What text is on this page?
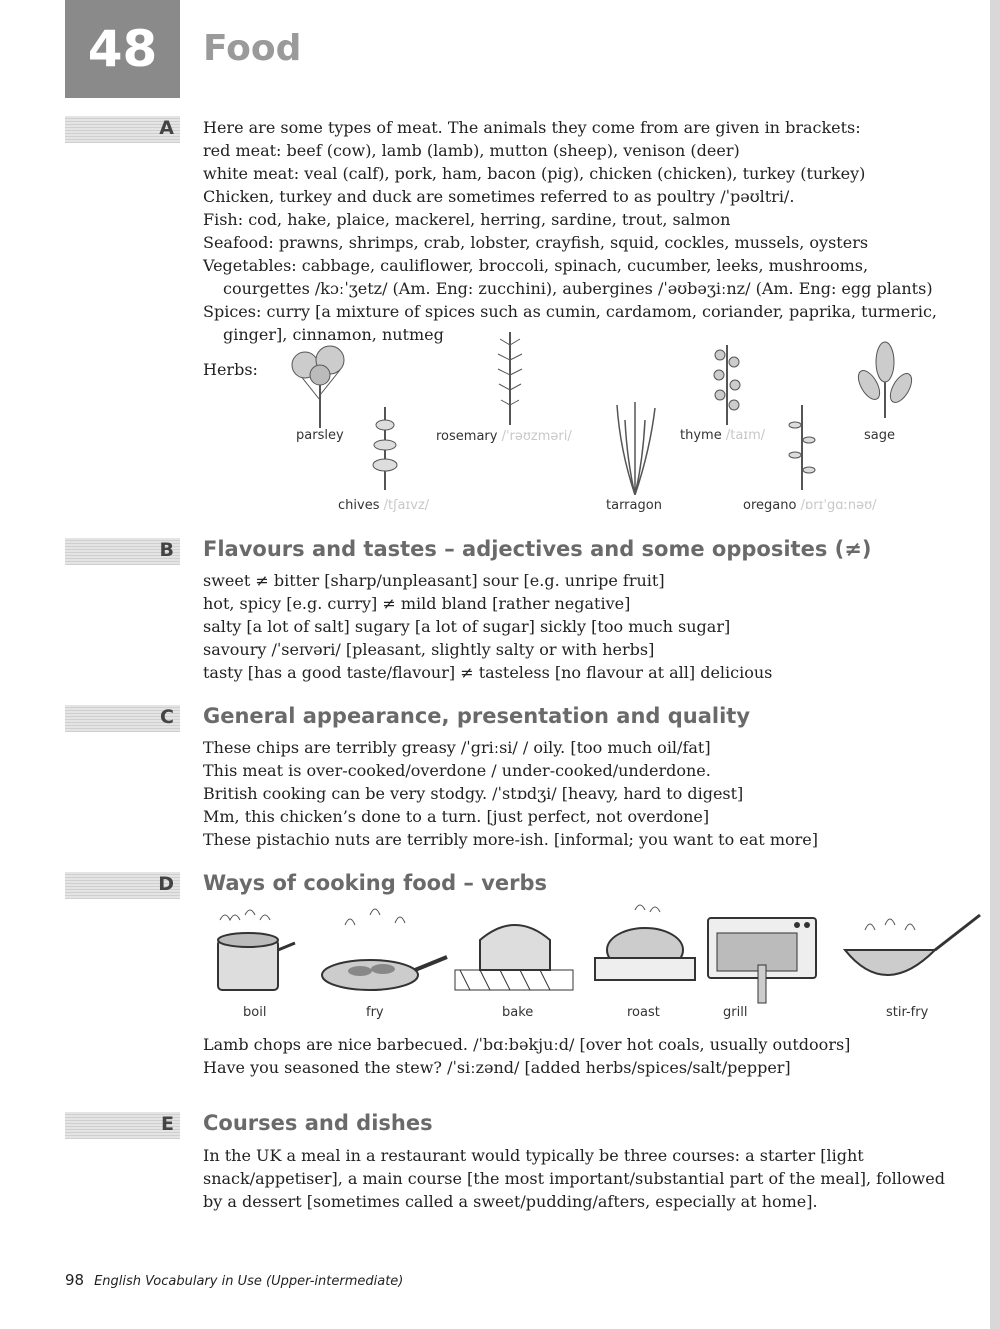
48 Food
A Here are some types of meat. The animals they come from are given in brackets:

red meat: beef (cow), lamb (lamb), mutton (sheep), venison (deer)

white meat: veal (calf), pork, ham, bacon (pig), chicken (chicken), turkey (turkey)

Chicken, turkey and duck are sometimes referred to as poultry /ˈpəʊltri/.

Fish: cod, hake, plaice, mackerel, herring, sardine, trout, salmon

Seafood: prawns, shrimps, crab, lobster, crayfish, squid, cockles, mussels, oysters

Vegetables: cabbage, cauliflower, broccoli, spinach, cucumber, leeks, mushrooms,

courgettes /kɔːˈʒetz/ (Am. Eng: zucchini), aubergines /ˈəʊbəʒiːnz/ (Am. Eng: egg plants)

Spices: curry [a mixture of spices such as cumin, cardamom, coriander, paprika, turmeric,

ginger], cinnamon, nutmeg

Herbs:
parsley	rosemary /ˈrəʊzməri/	thyme /taɪm/	sage
chives /tʃaɪvz/	tarragon	oregano /ɒrɪˈgɑːnəʊ/
B Flavours and tastes – adjectives and some opposites (≠)

sweet ≠ bitter [sharp/unpleasant] sour [e.g. unripe fruit]

hot, spicy [e.g. curry] ≠ mild bland [rather negative]

salty [a lot of salt] sugary [a lot of sugar] sickly [too much sugar]

savoury /ˈseɪvəri/ [pleasant, slightly salty or with herbs]

tasty [has a good taste/flavour] ≠ tasteless [no flavour at all] delicious

C General appearance, presentation and quality

These chips are terribly greasy /ˈgriːsi/ / oily. [too much oil/fat]

This meat is over-cooked/overdone / under-cooked/underdone.

British cooking can be very stodgy. /ˈstɒdʒi/ [heavy, hard to digest]

Mm, this chicken’s done to a turn. [just perfect, not overdone]

These pistachio nuts are terribly more-ish. [informal; you want to eat more]

D Ways of cooking food – verbs
boil	fry	bake	roast	grill	stir-fry

Lamb chops are nice barbecued. /ˈbɑːbəkjuːd/ [over hot coals, usually outdoors]

Have you seasoned the stew? /ˈsiːzənd/ [added herbs/spices/salt/pepper]

E Courses and dishes

In the UK a meal in a restaurant would typically be three courses: a starter [light

snack/appetiser], a main course [the most important/substantial part of the meal], followed

by a dessert [sometimes called a sweet/pudding/afters, especially at home].

98 English Vocabulary in Use (Upper-intermediate)
